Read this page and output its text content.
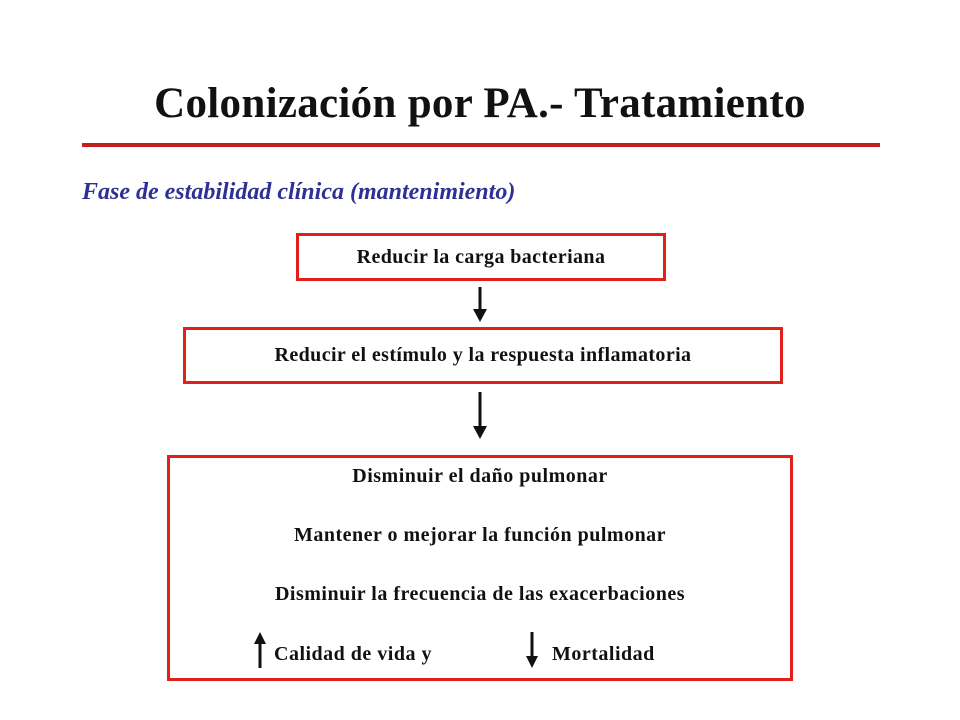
Colonización por PA.- Tratamiento
Fase de estabilidad clínica (mantenimiento)
Reducir la carga bacteriana
Reducir el estímulo y la respuesta inflamatoria
Disminuir el daño pulmonar
Mantener o mejorar la función pulmonar
Disminuir la frecuencia de las exacerbaciones
Calidad de vida y	Mortalidad
